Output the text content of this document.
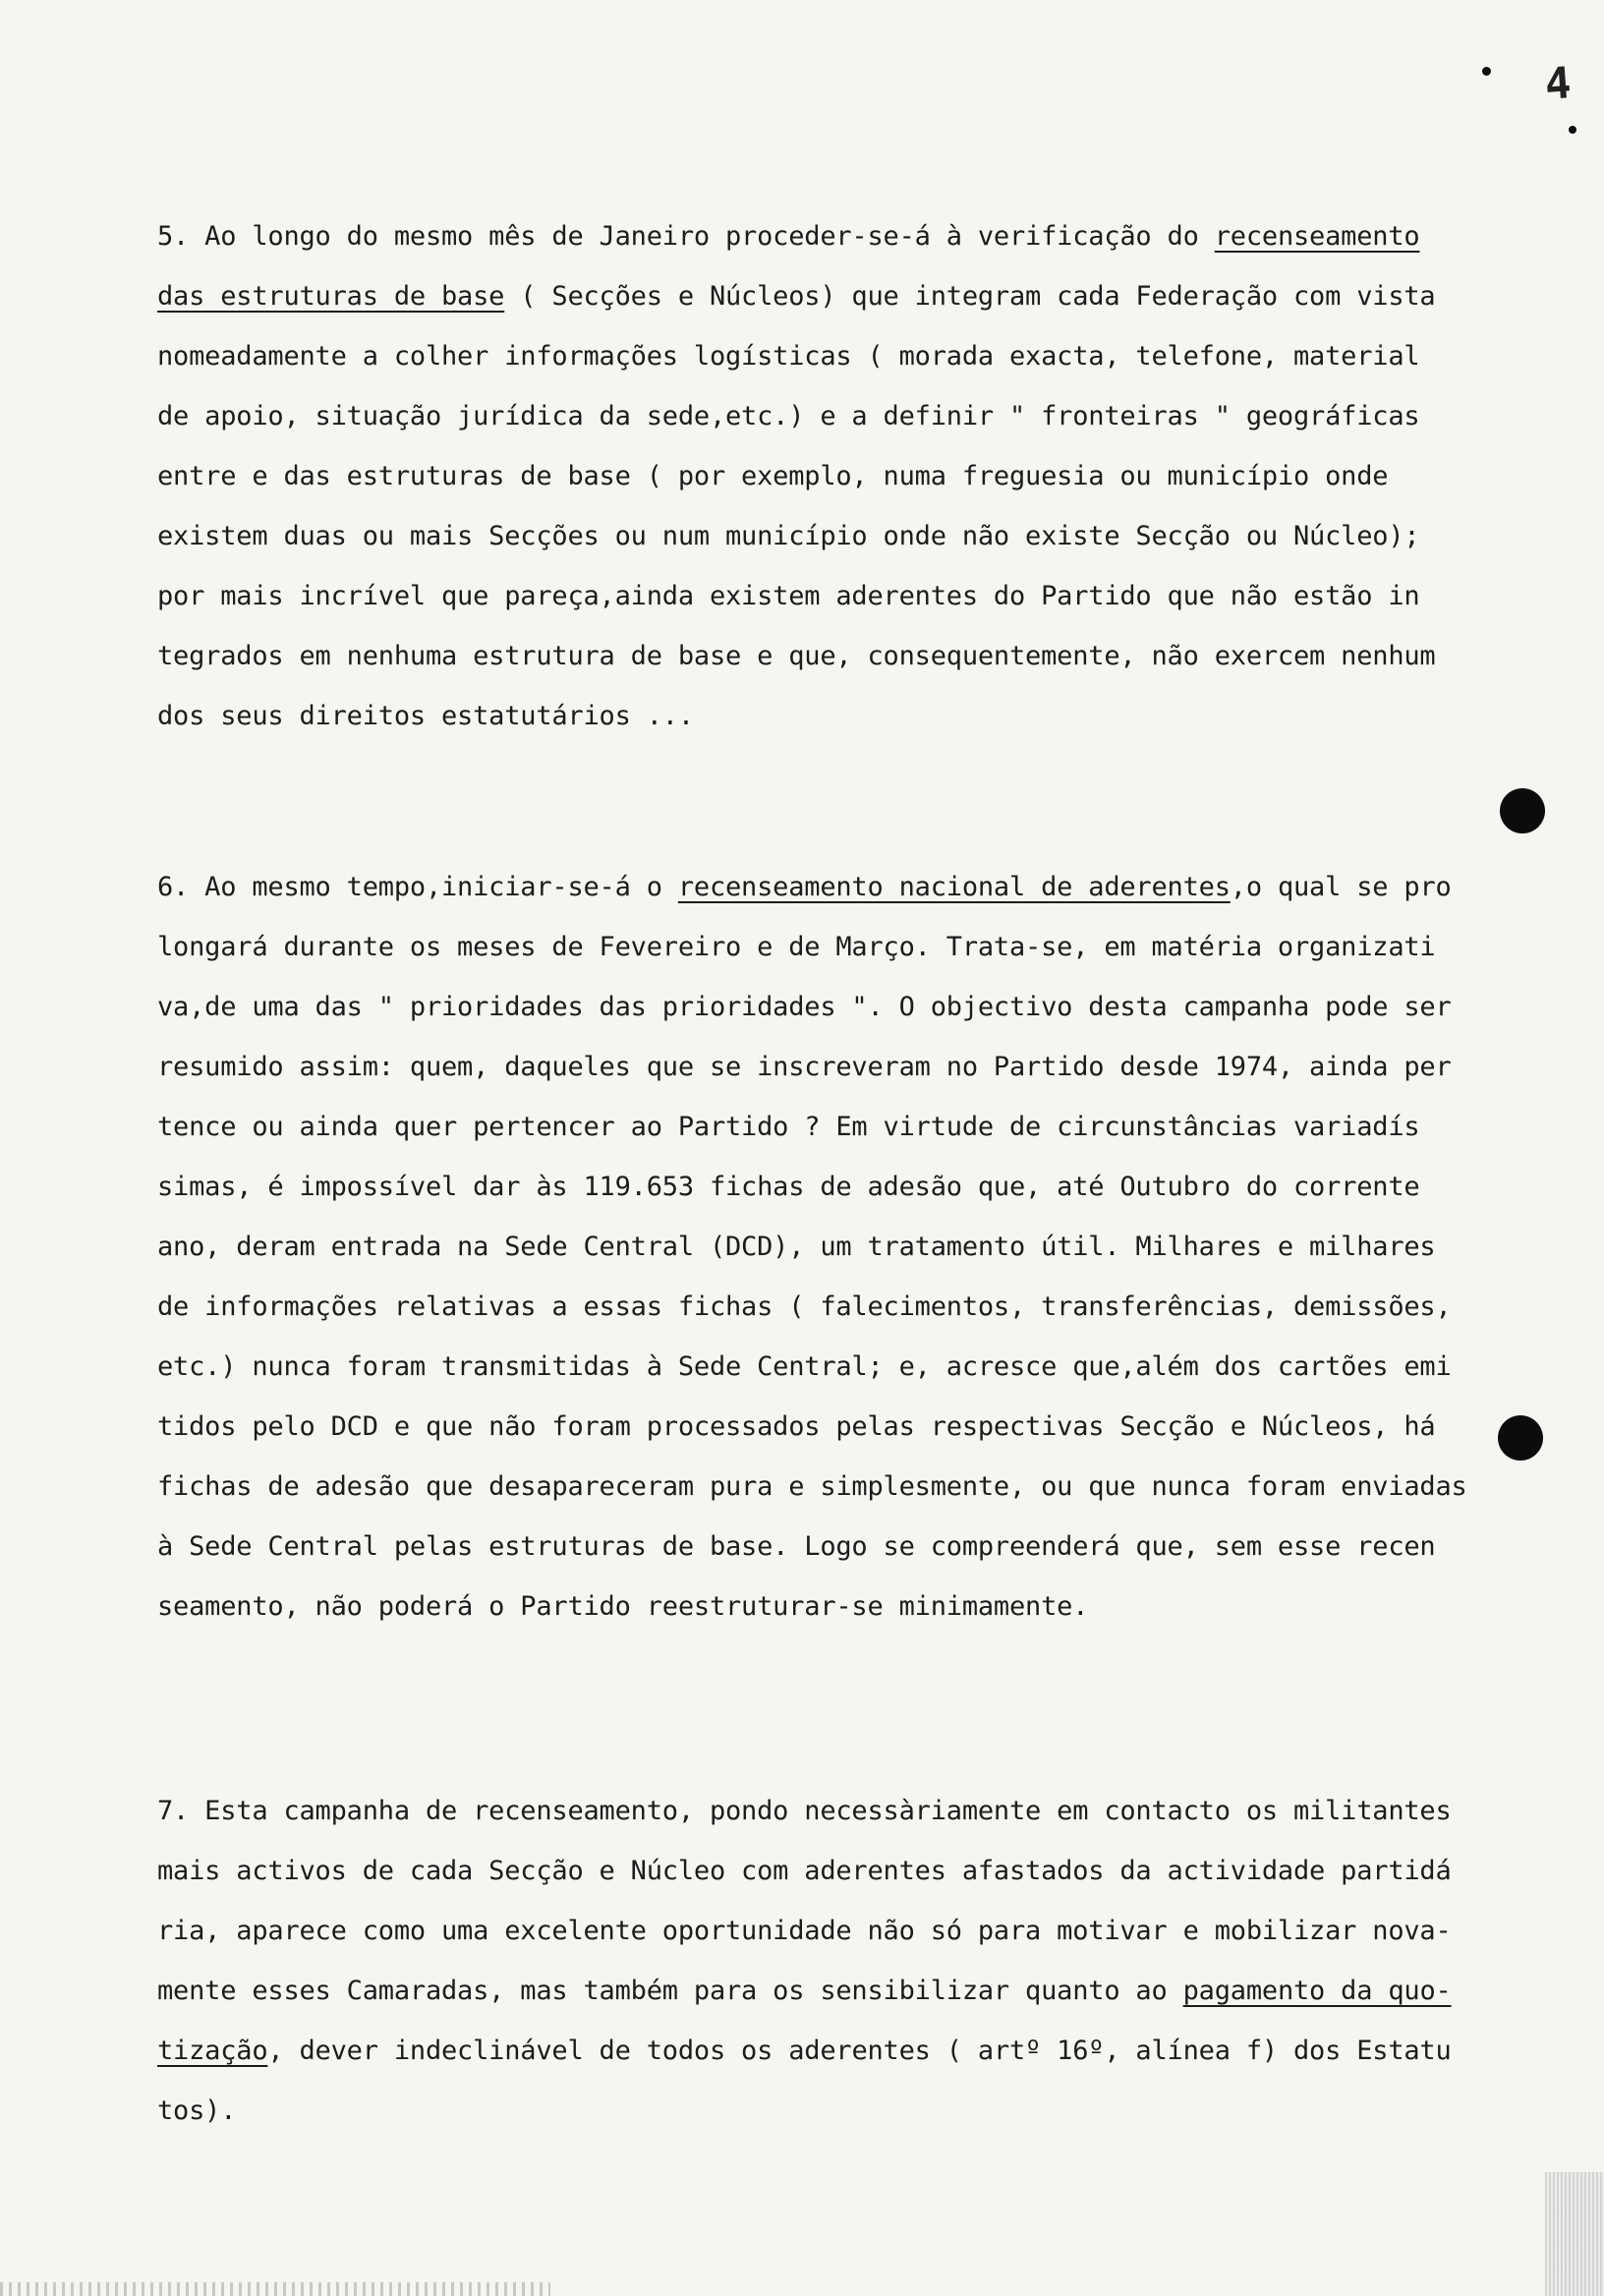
4

5. Ao longo do mesmo mês de Janeiro proceder-se-á à verificação do recenseamento
das estruturas de base ( Secções e Núcleos) que integram cada Federação com vista
nomeadamente a colher informações logísticas ( morada exacta, telefone, material
de apoio, situação jurídica da sede,etc.) e a definir " fronteiras " geográficas
entre e das estruturas de base ( por exemplo, numa freguesia ou município onde
existem duas ou mais Secções ou num município onde não existe Secção ou Núcleo);
por mais incrível que pareça,ainda existem aderentes do Partido que não estão in
tegrados em nenhuma estrutura de base e que, consequentemente, não exercem nenhum
dos seus direitos estatutários ...

6. Ao mesmo tempo,iniciar-se-á o recenseamento nacional de aderentes,o qual se pro
longará durante os meses de Fevereiro e de Março. Trata-se, em matéria organizati
va,de uma das " prioridades das prioridades ". O objectivo desta campanha pode ser
resumido assim: quem, daqueles que se inscreveram no Partido desde 1974, ainda per
tence ou ainda quer pertencer ao Partido ? Em virtude de circunstâncias variadís
simas, é impossível dar às 119.653 fichas de adesão que, até Outubro do corrente
ano, deram entrada na Sede Central (DCD), um tratamento útil. Milhares e milhares
de informações relativas a essas fichas ( falecimentos, transferências, demissões,
etc.) nunca foram transmitidas à Sede Central; e, acresce que,além dos cartões emi
tidos pelo DCD e que não foram processados pelas respectivas Secção e Núcleos, há
fichas de adesão que desapareceram pura e simplesmente, ou que nunca foram enviadas
à Sede Central pelas estruturas de base. Logo se compreenderá que, sem esse recen
seamento, não poderá o Partido reestruturar-se minimamente.

7. Esta campanha de recenseamento, pondo necessàriamente em contacto os militantes
mais activos de cada Secção e Núcleo com aderentes afastados da actividade partidá
ria, aparece como uma excelente oportunidade não só para motivar e mobilizar nova-
mente esses Camaradas, mas também para os sensibilizar quanto ao pagamento da quo-
tização, dever indeclinável de todos os aderentes ( artº 16º, alínea f) dos Estatu
tos).
